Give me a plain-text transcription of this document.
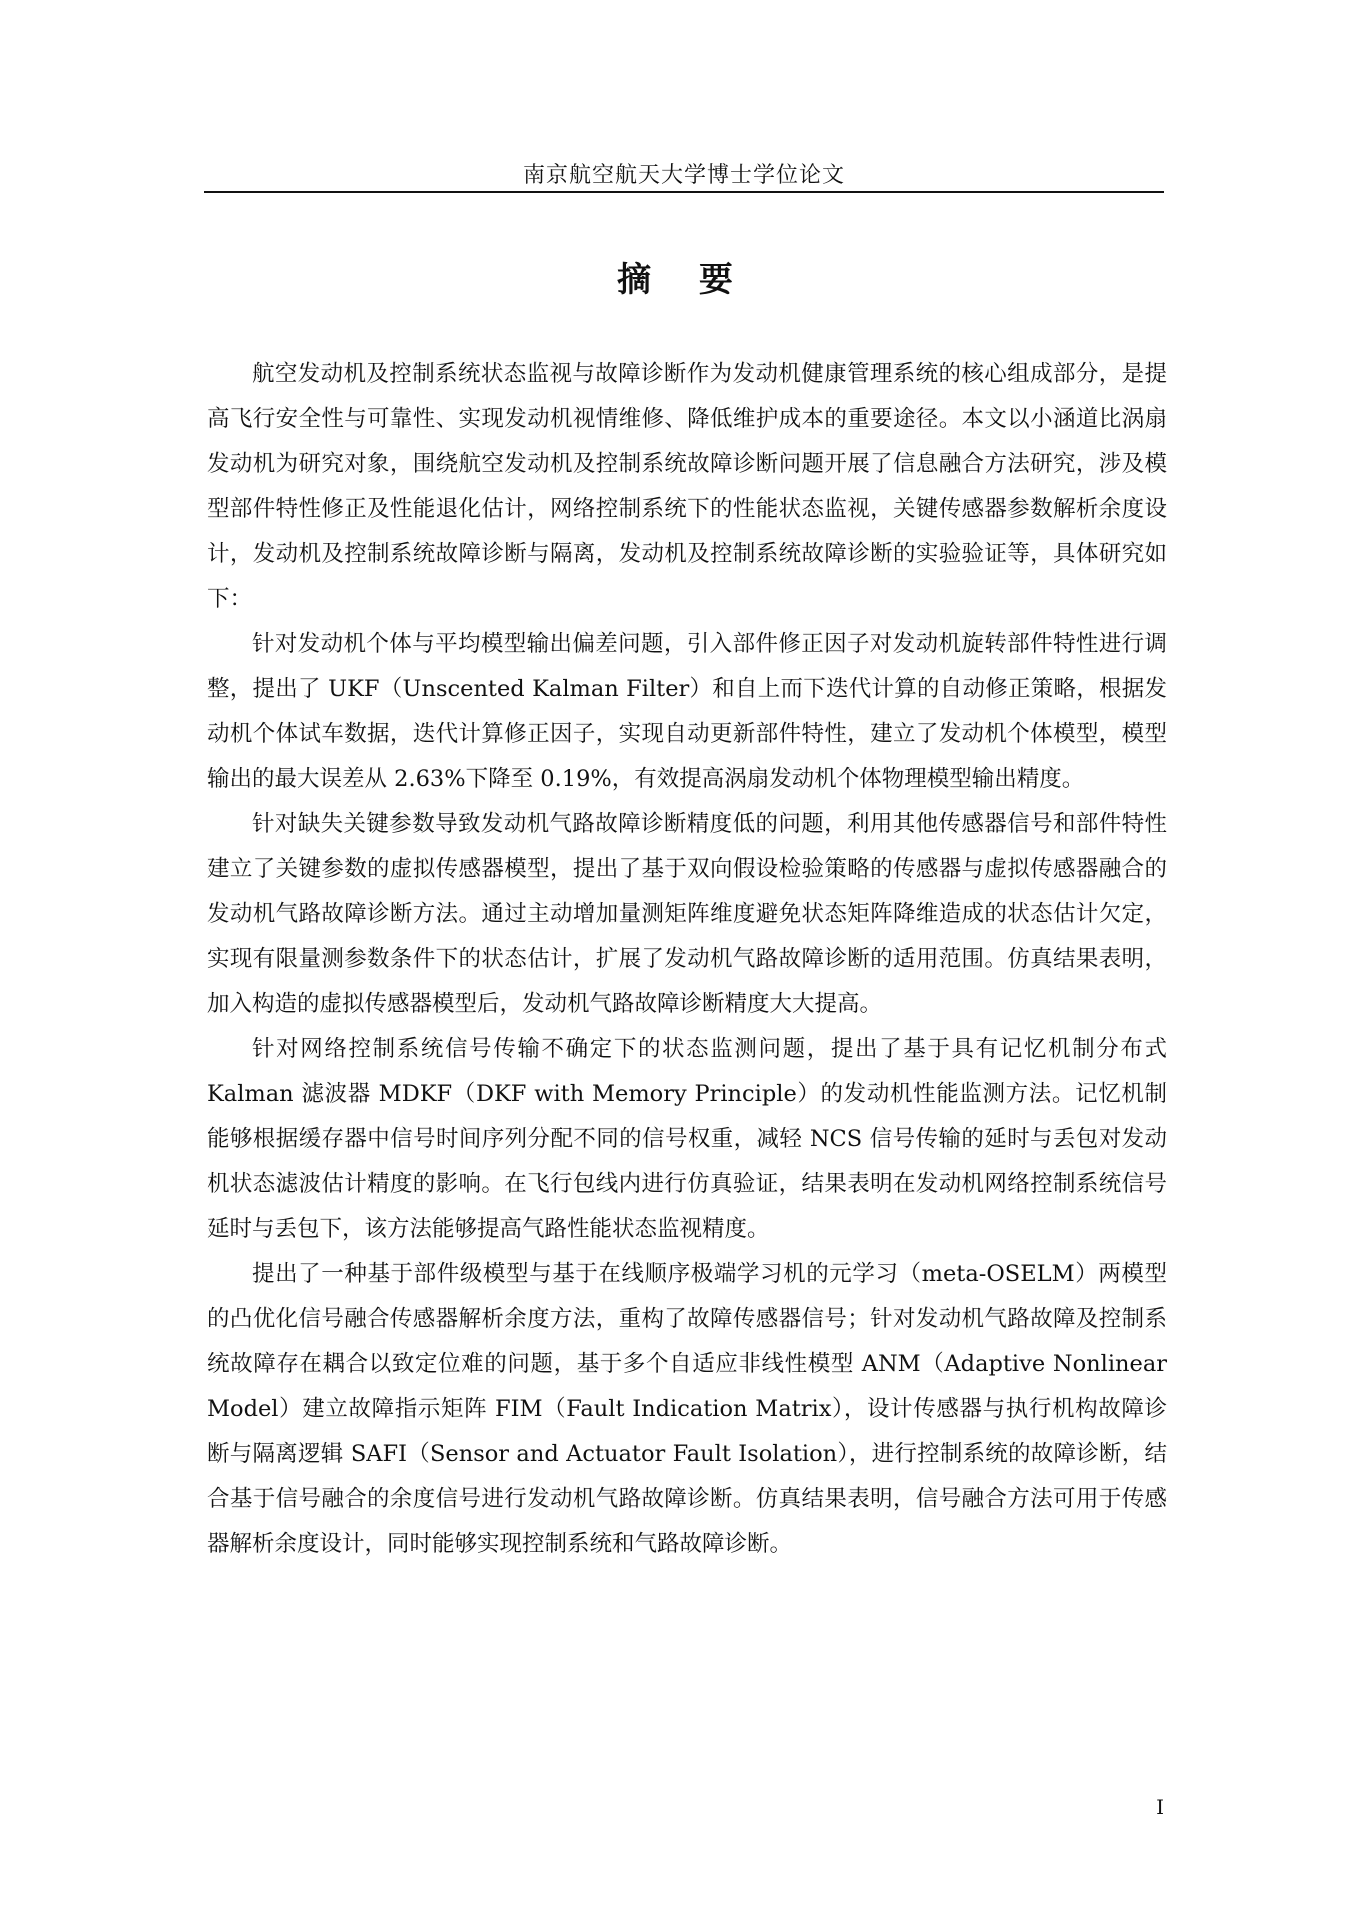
南京航空航天大学博士学位论文
摘 要

航空发动机及控制系统状态监视与故障诊断作为发动机健康管理系统的核心组成部分，是提高飞行安全性与可靠性、实现发动机视情维修、降低维护成本的重要途径。本文以小涵道比涡扇发动机为研究对象，围绕航空发动机及控制系统故障诊断问题开展了信息融合方法研究，涉及模型部件特性修正及性能退化估计，网络控制系统下的性能状态监视，关键传感器参数解析余度设计，发动机及控制系统故障诊断与隔离，发动机及控制系统故障诊断的实验验证等，具体研究如下：

针对发动机个体与平均模型输出偏差问题，引入部件修正因子对发动机旋转部件特性进行调整，提出了 UKF（Unscented Kalman Filter）和自上而下迭代计算的自动修正策略，根据发动机个体试车数据，迭代计算修正因子，实现自动更新部件特性，建立了发动机个体模型，模型输出的最大误差从 2.63%下降至 0.19%，有效提高涡扇发动机个体物理模型输出精度。

针对缺失关键参数导致发动机气路故障诊断精度低的问题，利用其他传感器信号和部件特性建立了关键参数的虚拟传感器模型，提出了基于双向假设检验策略的传感器与虚拟传感器融合的发动机气路故障诊断方法。通过主动增加量测矩阵维度避免状态矩阵降维造成的状态估计欠定，实现有限量测参数条件下的状态估计，扩展了发动机气路故障诊断的适用范围。仿真结果表明，加入构造的虚拟传感器模型后，发动机气路故障诊断精度大大提高。

针对网络控制系统信号传输不确定下的状态监测问题，提出了基于具有记忆机制分布式 Kalman 滤波器 MDKF（DKF with Memory Principle）的发动机性能监测方法。记忆机制能够根据缓存器中信号时间序列分配不同的信号权重，减轻 NCS 信号传输的延时与丢包对发动机状态滤波估计精度的影响。在飞行包线内进行仿真验证，结果表明在发动机网络控制系统信号延时与丢包下，该方法能够提高气路性能状态监视精度。

提出了一种基于部件级模型与基于在线顺序极端学习机的元学习（meta-OSELM）两模型的凸优化信号融合传感器解析余度方法，重构了故障传感器信号；针对发动机气路故障及控制系统故障存在耦合以致定位难的问题，基于多个自适应非线性模型 ANM（Adaptive Nonlinear Model）建立故障指示矩阵 FIM（Fault Indication Matrix），设计传感器与执行机构故障诊断与隔离逻辑 SAFI（Sensor and Actuator Fault Isolation），进行控制系统的故障诊断，结合基于信号融合的余度信号进行发动机气路故障诊断。仿真结果表明，信号融合方法可用于传感器解析余度设计，同时能够实现控制系统和气路故障诊断。

I
